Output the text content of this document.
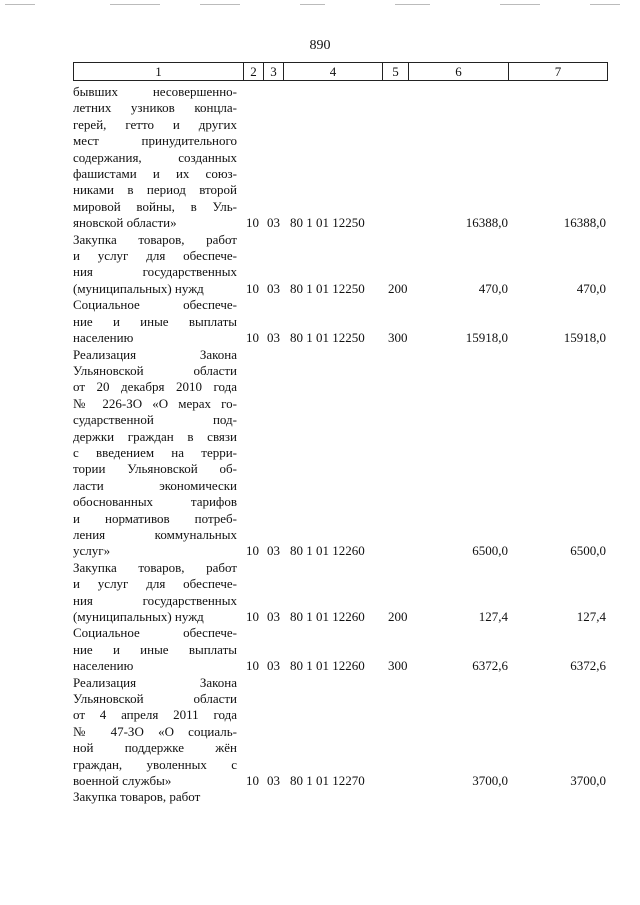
890
1	2	3	4	5	6	7
бывших несовершенно-
летних узников концла-
герей, гетто и других
мест принудительного
содержания, созданных
фашистами и их союз-
никами в период второй
мировой войны, в Уль-
яновской области»	10 03 80 1 01 12250	16388,0	16388,0
Закупка товаров, работ
и услуг для обеспече-
ния государственных
(муниципальных) нужд	10 03 80 1 01 12250 200	470,0	470,0
Социальное обеспече-
ние и иные выплаты
населению	10 03 80 1 01 12250 300	15918,0	15918,0
Реализация Закона
Ульяновской области
от 20 декабря 2010 года
№ 226-ЗО «О мерах го-
сударственной под-
держки граждан в связи
с введением на терри-
тории Ульяновской об-
ласти экономически
обоснованных тарифов
и нормативов потреб-
ления коммунальных
услуг»	10 03 80 1 01 12260	6500,0	6500,0
Закупка товаров, работ
и услуг для обеспече-
ния государственных
(муниципальных) нужд	10 03 80 1 01 12260 200	127,4	127,4
Социальное обеспече-
ние и иные выплаты
населению	10 03 80 1 01 12260 300	6372,6	6372,6
Реализация Закона
Ульяновской области
от 4 апреля 2011 года
№ 47-ЗО «О социаль-
ной поддержке жён
граждан, уволенных с
военной службы»	10 03 80 1 01 12270	3700,0	3700,0
Закупка товаров, работ
